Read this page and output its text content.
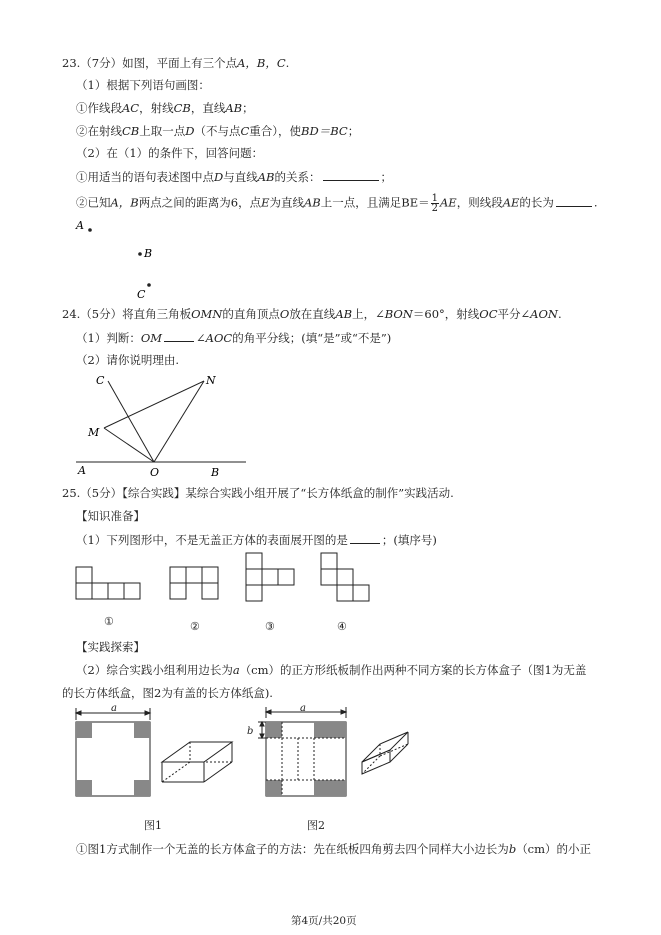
23.（7分）如图，平面上有三个点A，B，C.
（1）根据下列语句画图：
①作线段AC，射线CB，直线AB；
②在射线CB上取一点D（不与点C重合），使BD＝BC；
（2）在（1）的条件下，回答问题：
①用适当的语句表述图中点D与直线AB的关系：	；
②已知A，B两点之间的距离为6，点E为直线AB上一点，且满足$BE= \frac{1}{2}$ AE，则线段AE的长为	.
A
B
C
24.（5分）将直角三角板OMN的直角顶点O放在直线AB上，∠BON＝60°，射线OC平分∠AON.
（1）判断：OM	∠AOC的角平分线；(填“是”或“不是”)
（2）请你说明理由.
C	N
M
A	O	B
25.（5分）【综合实践】某综合实践小组开展了“长方体纸盒的制作”实践活动.
【知识准备】
（1）下列图形中，不是无盖正方体的表面展开图的是	；(填序号)
①	②	③	④
【实践探索】
（2）综合实践小组利用边长为a（cm）的正方形纸板制作出两种不同方案的长方体盒子（图1为无盖
的长方体纸盒，图2为有盖的长方体纸盒).
a	a
b
图1	图2
①图1方式制作一个无盖的长方体盒子的方法：先在纸板四角剪去四个同样大小边长为b（cm）的小正
第4页/共20页
